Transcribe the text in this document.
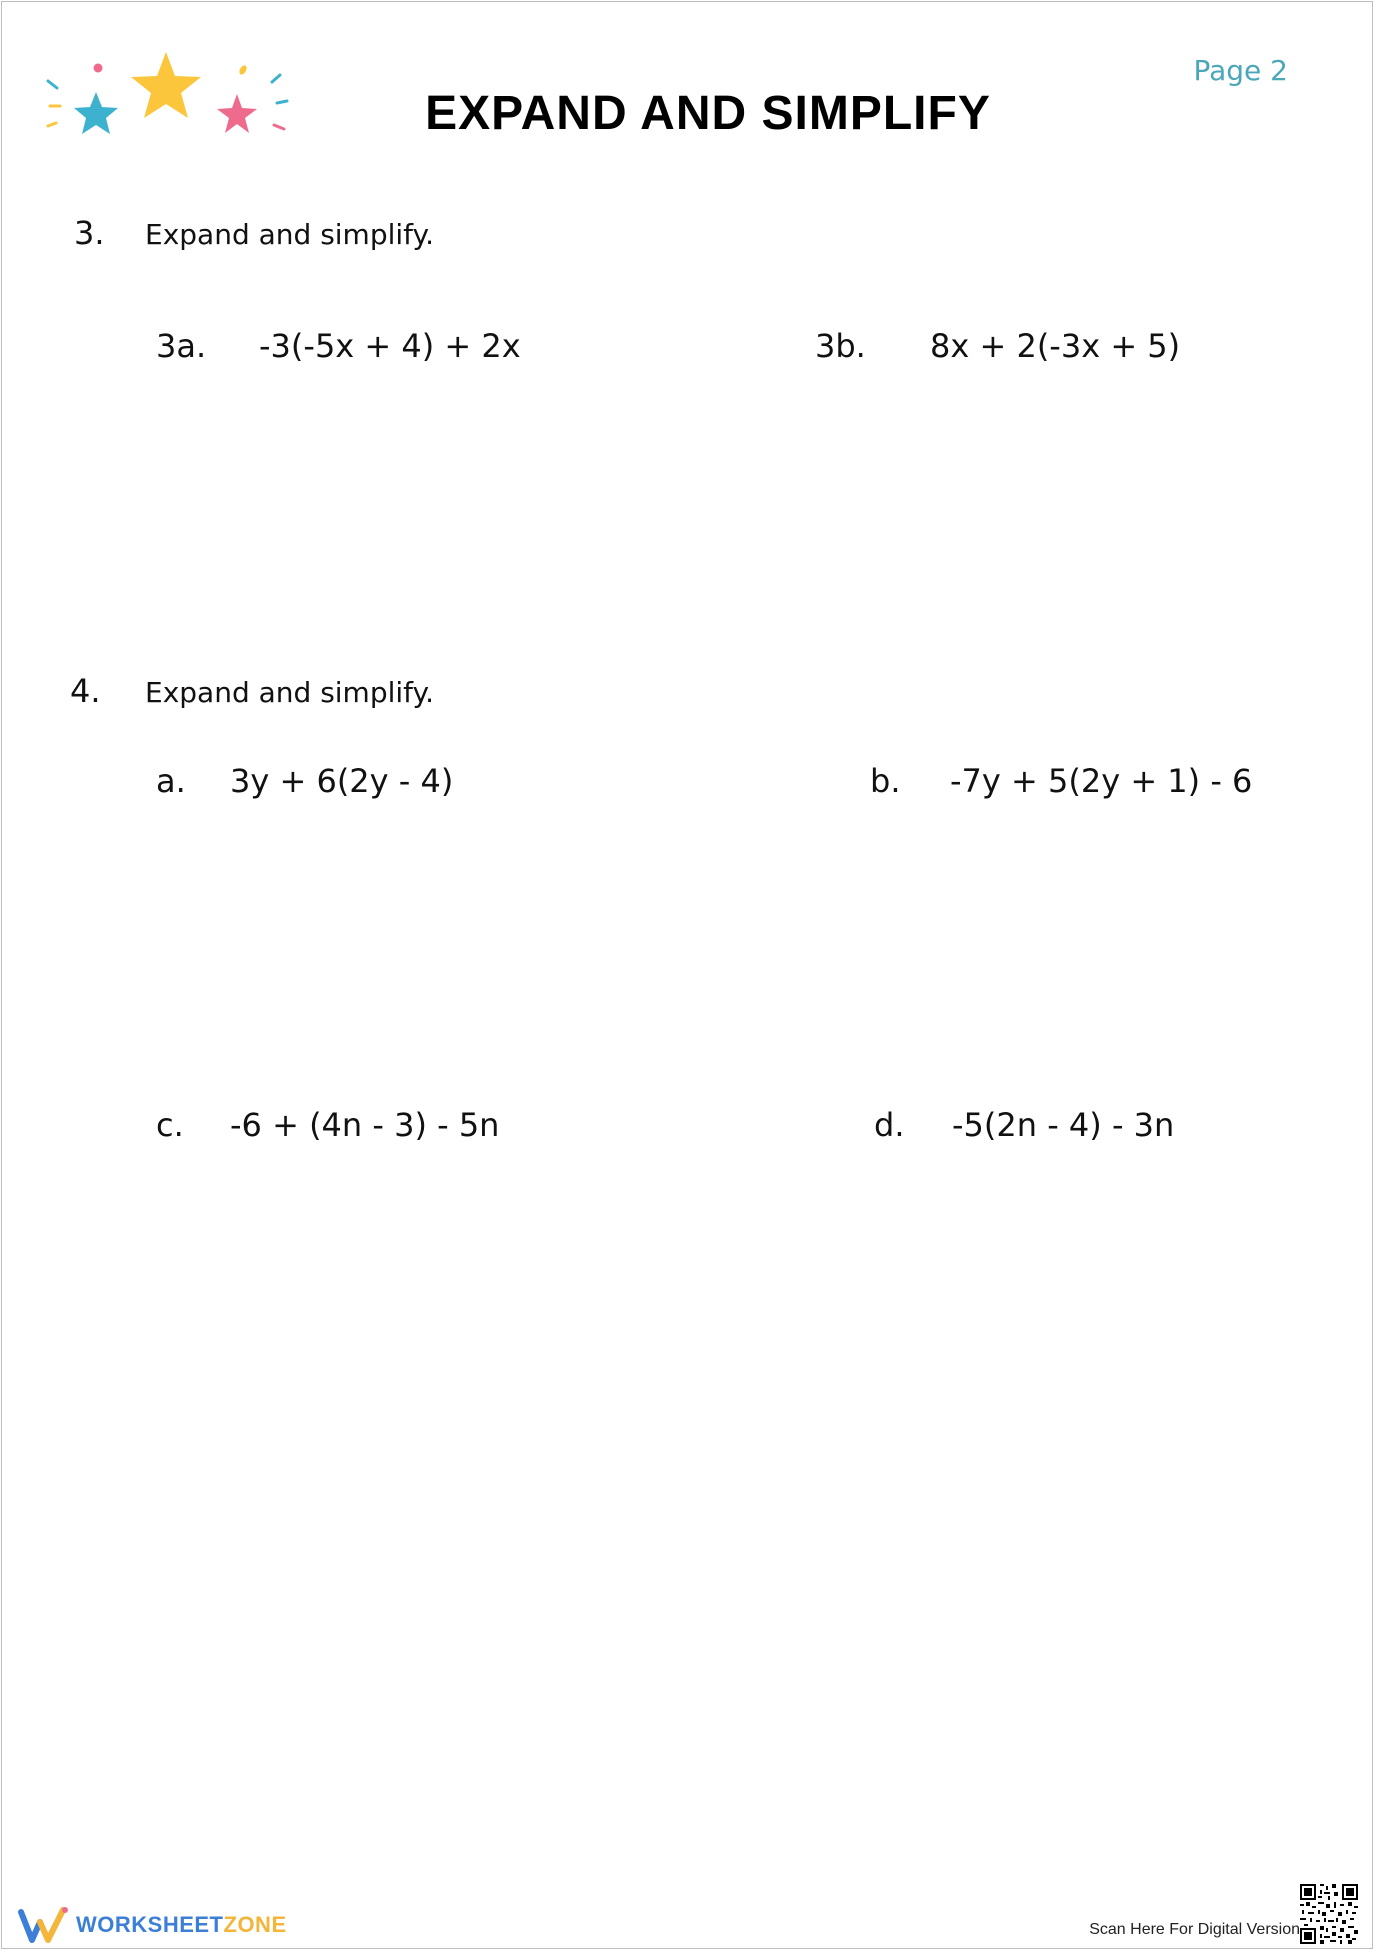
EXPAND AND SIMPLIFY
Page 2
3. Expand and simplify.
3a. -3(-5x + 4) + 2x	3b. 8x + 2(-3x + 5)
4. Expand and simplify.
a. 3y + 6(2y - 4)	b. -7y + 5(2y + 1) - 6
c. -6 + (4n - 3) - 5n	d. -5(2n - 4) - 3n
WORKSHEETZONE	Scan Here For Digital Version
